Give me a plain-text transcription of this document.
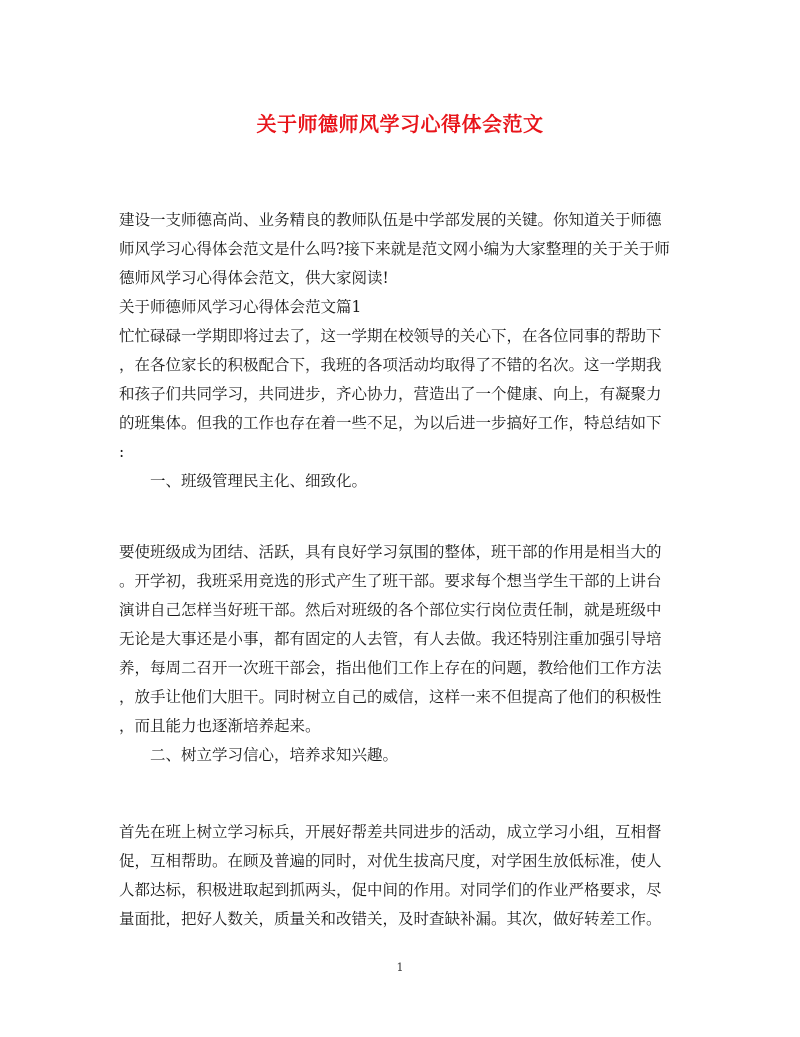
关于师德师风学习心得体会范文
建设一支师德高尚、业务精良的教师队伍是中学部发展的关键。你知道关于师德
师风学习心得体会范文是什么吗?接下来就是范文网小编为大家整理的关于关于师
德师风学习心得体会范文，供大家阅读!
关于师德师风学习心得体会范文篇1
忙忙碌碌一学期即将过去了，这一学期在校领导的关心下，在各位同事的帮助下
，在各位家长的积极配合下，我班的各项活动均取得了不错的名次。这一学期我
和孩子们共同学习，共同进步，齐心协力，营造出了一个健康、向上，有凝聚力
的班集体。但我的工作也存在着一些不足，为以后进一步搞好工作，特总结如下
:
一、班级管理民主化、细致化。
要使班级成为团结、活跃，具有良好学习氛围的整体，班干部的作用是相当大的
。开学初，我班采用竞选的形式产生了班干部。要求每个想当学生干部的上讲台
演讲自己怎样当好班干部。然后对班级的各个部位实行岗位责任制，就是班级中
无论是大事还是小事，都有固定的人去管，有人去做。我还特别注重加强引导培
养，每周二召开一次班干部会，指出他们工作上存在的问题，教给他们工作方法
，放手让他们大胆干。同时树立自己的威信，这样一来不但提高了他们的积极性
，而且能力也逐渐培养起来。
二、树立学习信心，培养求知兴趣。
首先在班上树立学习标兵，开展好帮差共同进步的活动，成立学习小组，互相督
促，互相帮助。在顾及普遍的同时，对优生拔高尺度，对学困生放低标准，使人
人都达标，积极进取起到抓两头，促中间的作用。对同学们的作业严格要求，尽
量面批，把好人数关，质量关和改错关，及时查缺补漏。其次，做好转差工作。
1
